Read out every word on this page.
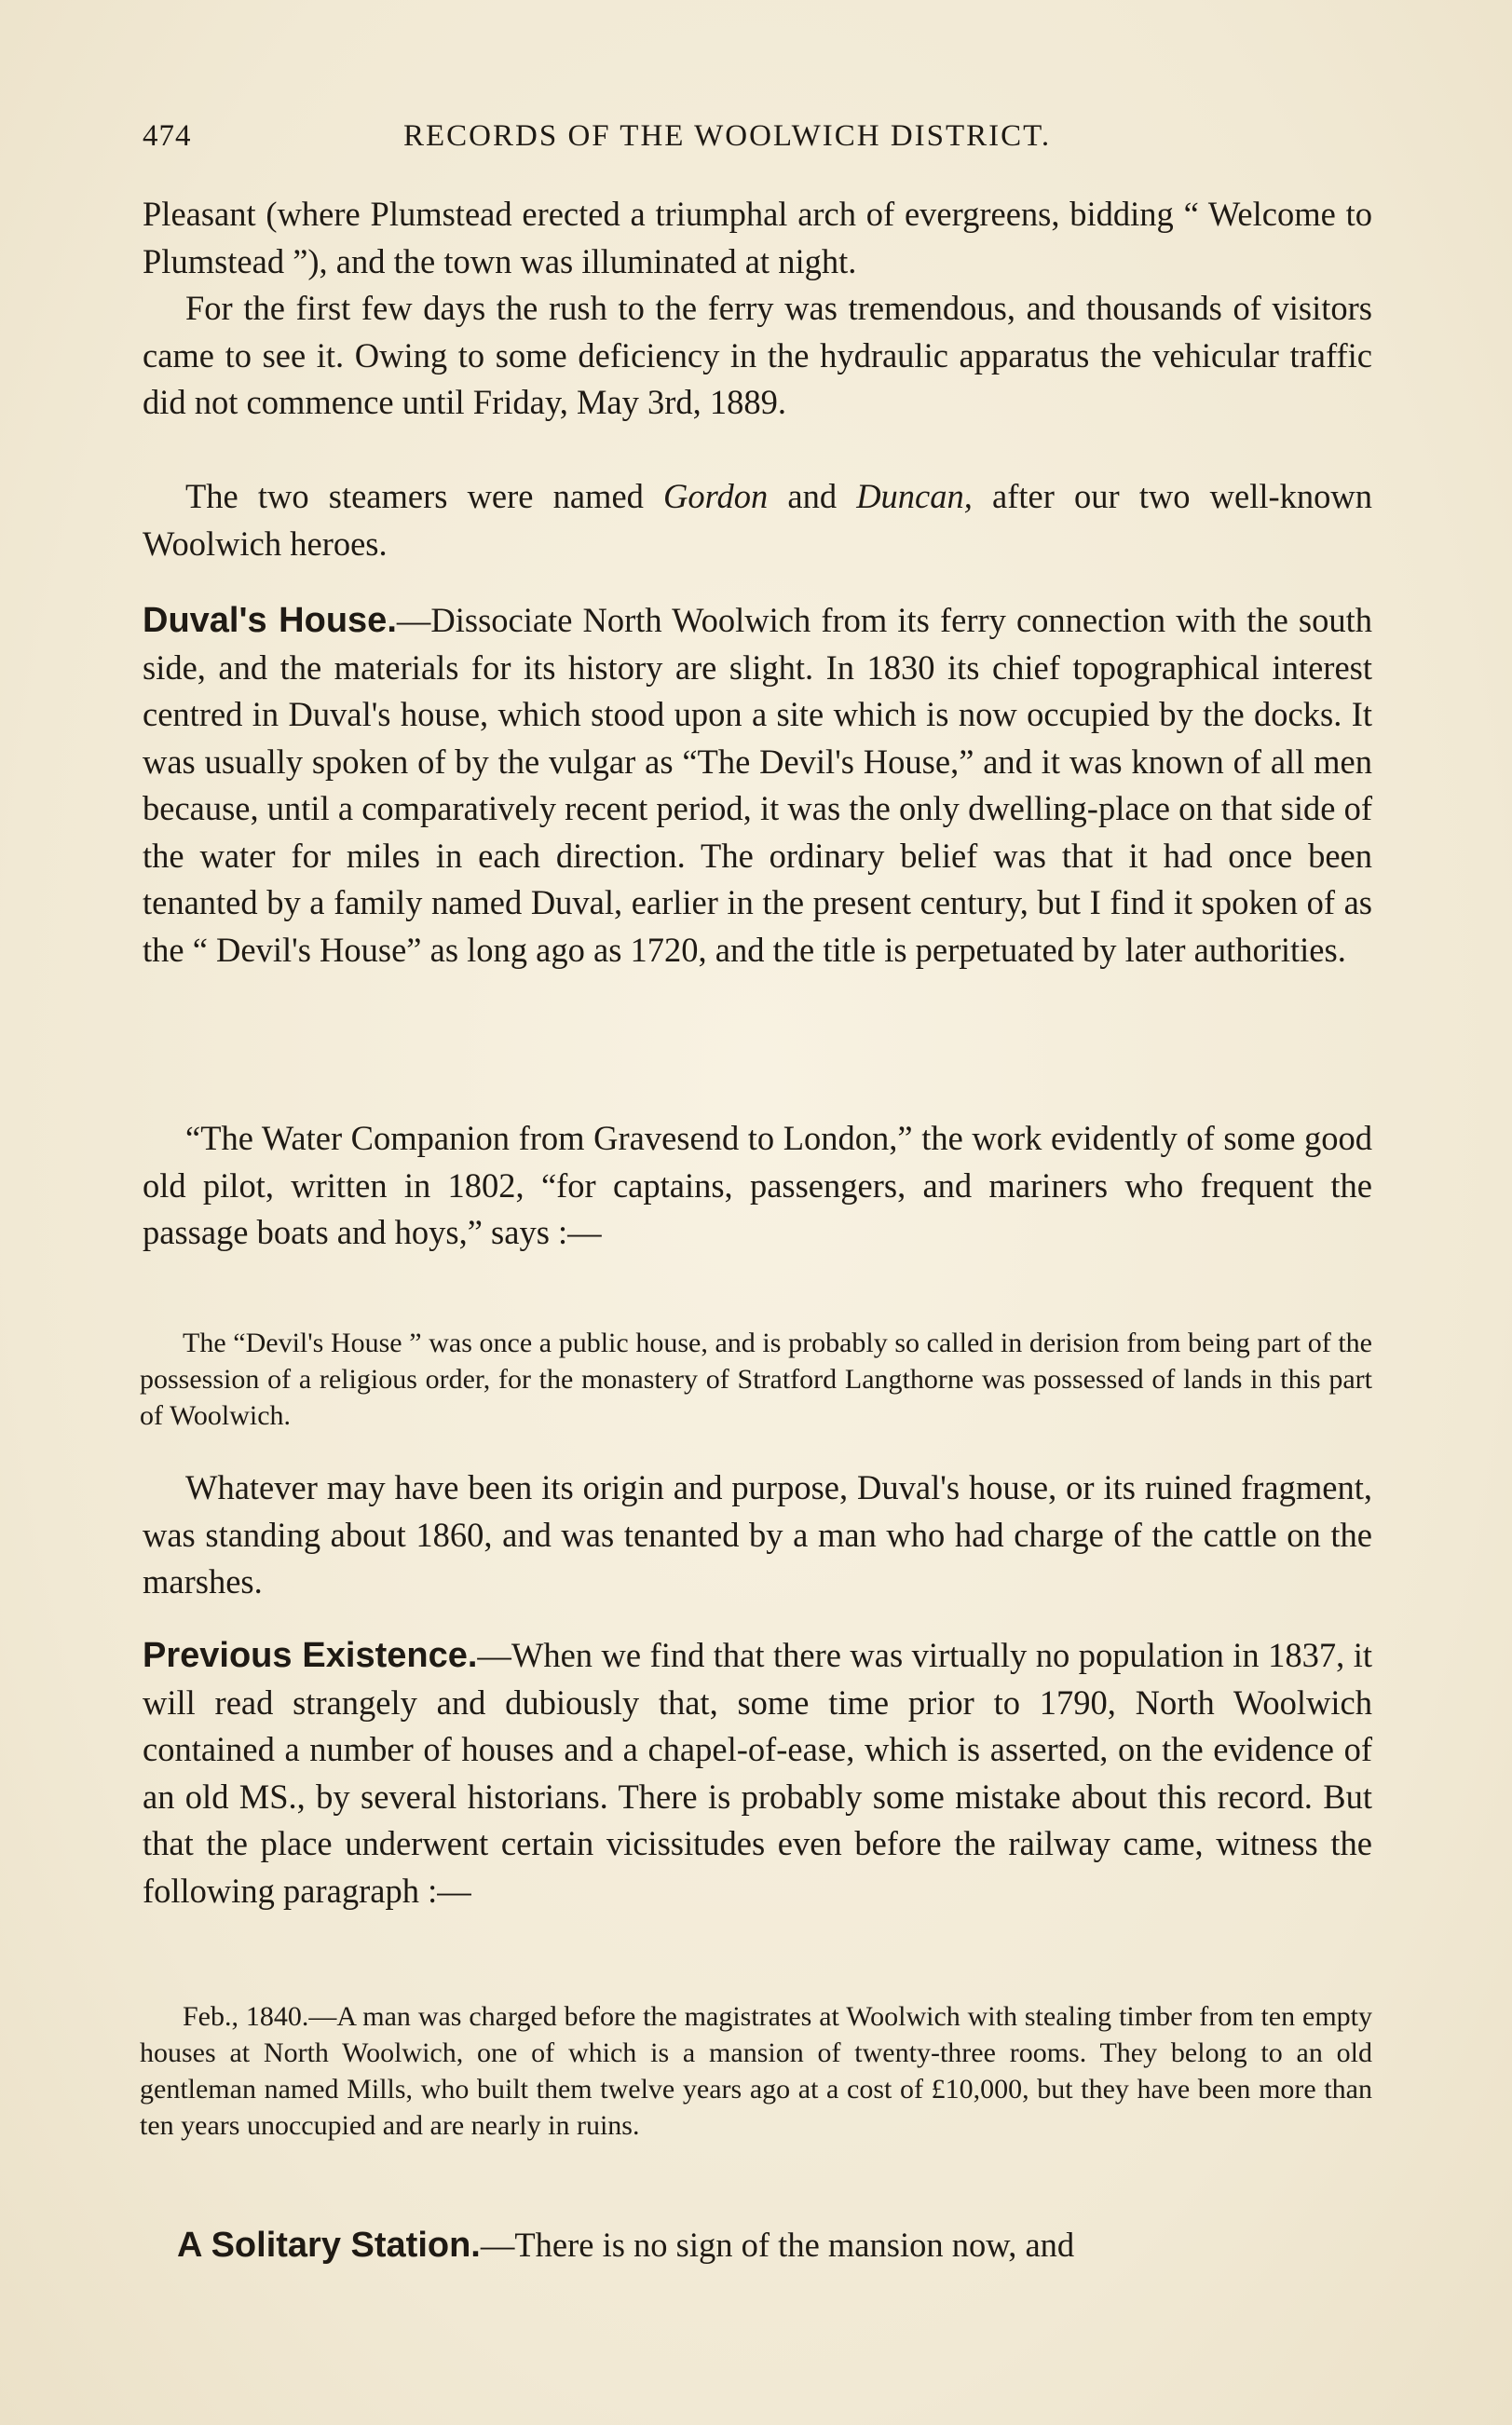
474	RECORDS OF THE WOOLWICH DISTRICT.

Pleasant (where Plumstead erected a triumphal arch of evergreens, bidding “ Welcome to Plumstead ”), and the town was illuminated at night.

For the first few days the rush to the ferry was tremendous, and thousands of visitors came to see it. Owing to some deficiency in the hydraulic apparatus the vehicular traffic did not commence until Friday, May 3rd, 1889.

The two steamers were named Gordon and Duncan, after our two well-known Woolwich heroes.

Duval's House.—Dissociate North Woolwich from its ferry connection with the south side, and the materials for its history are slight. In 1830 its chief topographical interest centred in Duval's house, which stood upon a site which is now occupied by the docks. It was usually spoken of by the vulgar as “The Devil's House,” and it was known of all men because, until a comparatively recent period, it was the only dwelling-place on that side of the water for miles in each direction. The ordinary belief was that it had once been tenanted by a family named Duval, earlier in the present century, but I find it spoken of as the “ Devil's House” as long ago as 1720, and the title is perpetuated by later authorities.

“The Water Companion from Gravesend to London,” the work evidently of some good old pilot, written in 1802, “for captains, passengers, and mariners who frequent the passage boats and hoys,” says :—

The “Devil's House ” was once a public house, and is probably so called in derision from being part of the possession of a religious order, for the monastery of Stratford Langthorne was possessed of lands in this part of Woolwich.

Whatever may have been its origin and purpose, Duval's house, or its ruined fragment, was standing about 1860, and was tenanted by a man who had charge of the cattle on the marshes.

Previous Existence.—When we find that there was virtually no population in 1837, it will read strangely and dubiously that, some time prior to 1790, North Woolwich contained a number of houses and a chapel-of-ease, which is asserted, on the evidence of an old MS., by several historians. There is probably some mistake about this record. But that the place underwent certain vicissitudes even before the railway came, witness the following paragraph :—

Feb., 1840.—A man was charged before the magistrates at Woolwich with stealing timber from ten empty houses at North Woolwich, one of which is a mansion of twenty-three rooms. They belong to an old gentleman named Mills, who built them twelve years ago at a cost of £10,000, but they have been more than ten years unoccupied and are nearly in ruins.

A Solitary Station.—There is no sign of the mansion now, and
